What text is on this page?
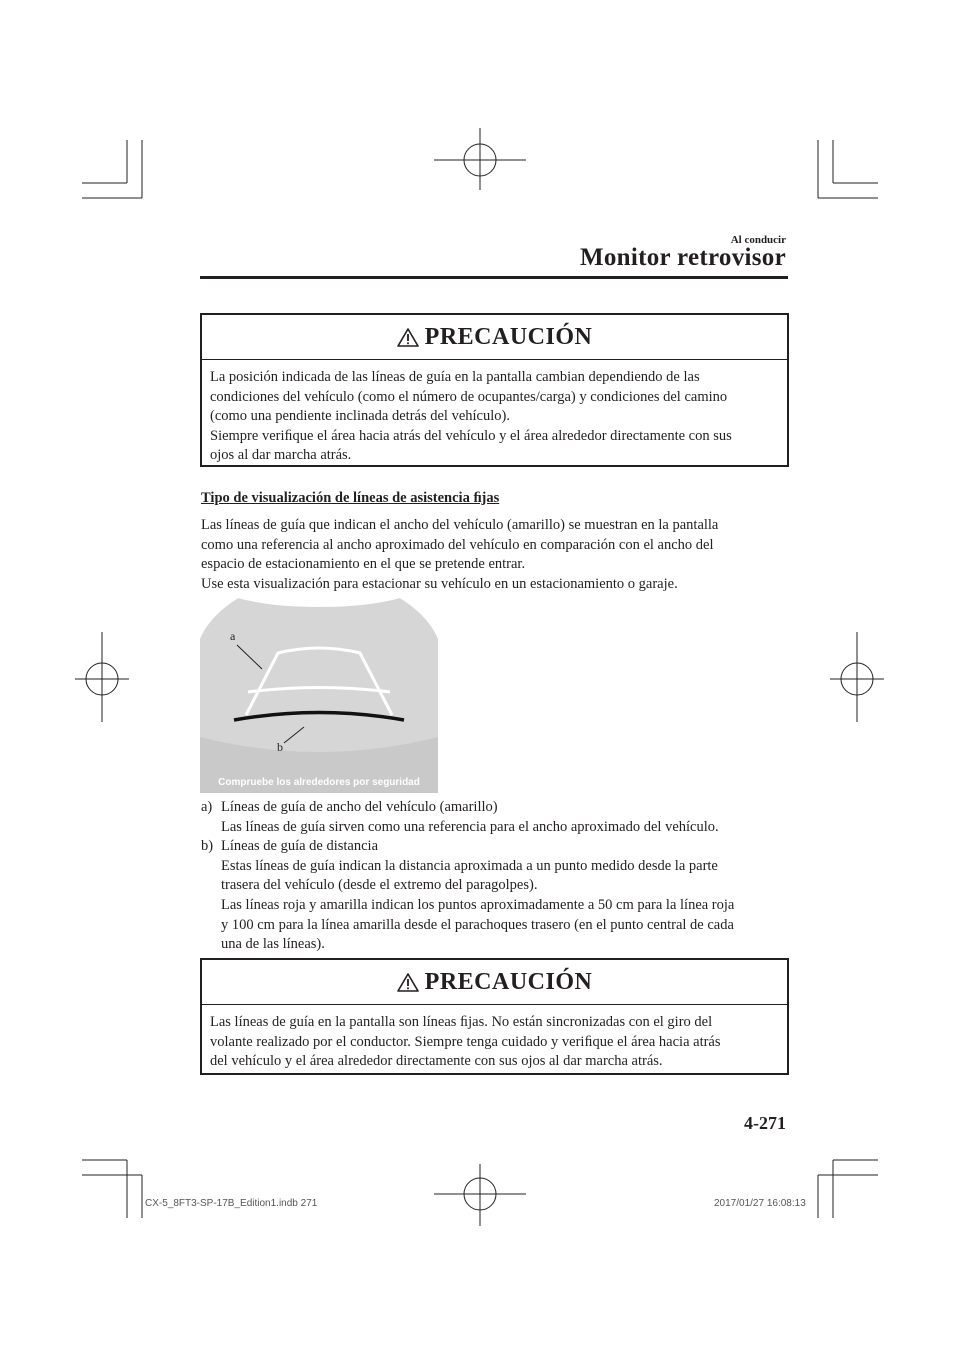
Al conducir
Monitor retrovisor
PRECAUCIÓN
La posición indicada de las líneas de guía en la pantalla cambian dependiendo de las
condiciones del vehículo (como el número de ocupantes/carga) y condiciones del camino
(como una pendiente inclinada detrás del vehículo).
Siempre veriﬁque el área hacia atrás del vehículo y el área alrededor directamente con sus
ojos al dar marcha atrás.
Tipo de visualización de líneas de asistencia ﬁjas
Las líneas de guía que indican el ancho del vehículo (amarillo) se muestran en la pantalla
como una referencia al ancho aproximado del vehículo en comparación con el ancho del
espacio de estacionamiento en el que se pretende entrar.
Use esta visualización para estacionar su vehículo en un estacionamiento o garaje.
a
b
Compruebe los alrededores por seguridad
a) Líneas de guía de ancho del vehículo (amarillo)
Las líneas de guía sirven como una referencia para el ancho aproximado del vehículo.
b) Líneas de guía de distancia
Estas líneas de guía indican la distancia aproximada a un punto medido desde la parte
trasera del vehículo (desde el extremo del paragolpes).
Las líneas roja y amarilla indican los puntos aproximadamente a 50 cm para la línea roja
y 100 cm para la línea amarilla desde el parachoques trasero (en el punto central de cada
una de las líneas).
PRECAUCIÓN
Las líneas de guía en la pantalla son líneas ﬁjas. No están sincronizadas con el giro del
volante realizado por el conductor. Siempre tenga cuidado y veriﬁque el área hacia atrás
del vehículo y el área alrededor directamente con sus ojos al dar marcha atrás.
4-271
CX-5_8FT3-SP-17B_Edition1.indb 271	2017/01/27 16:08:13
